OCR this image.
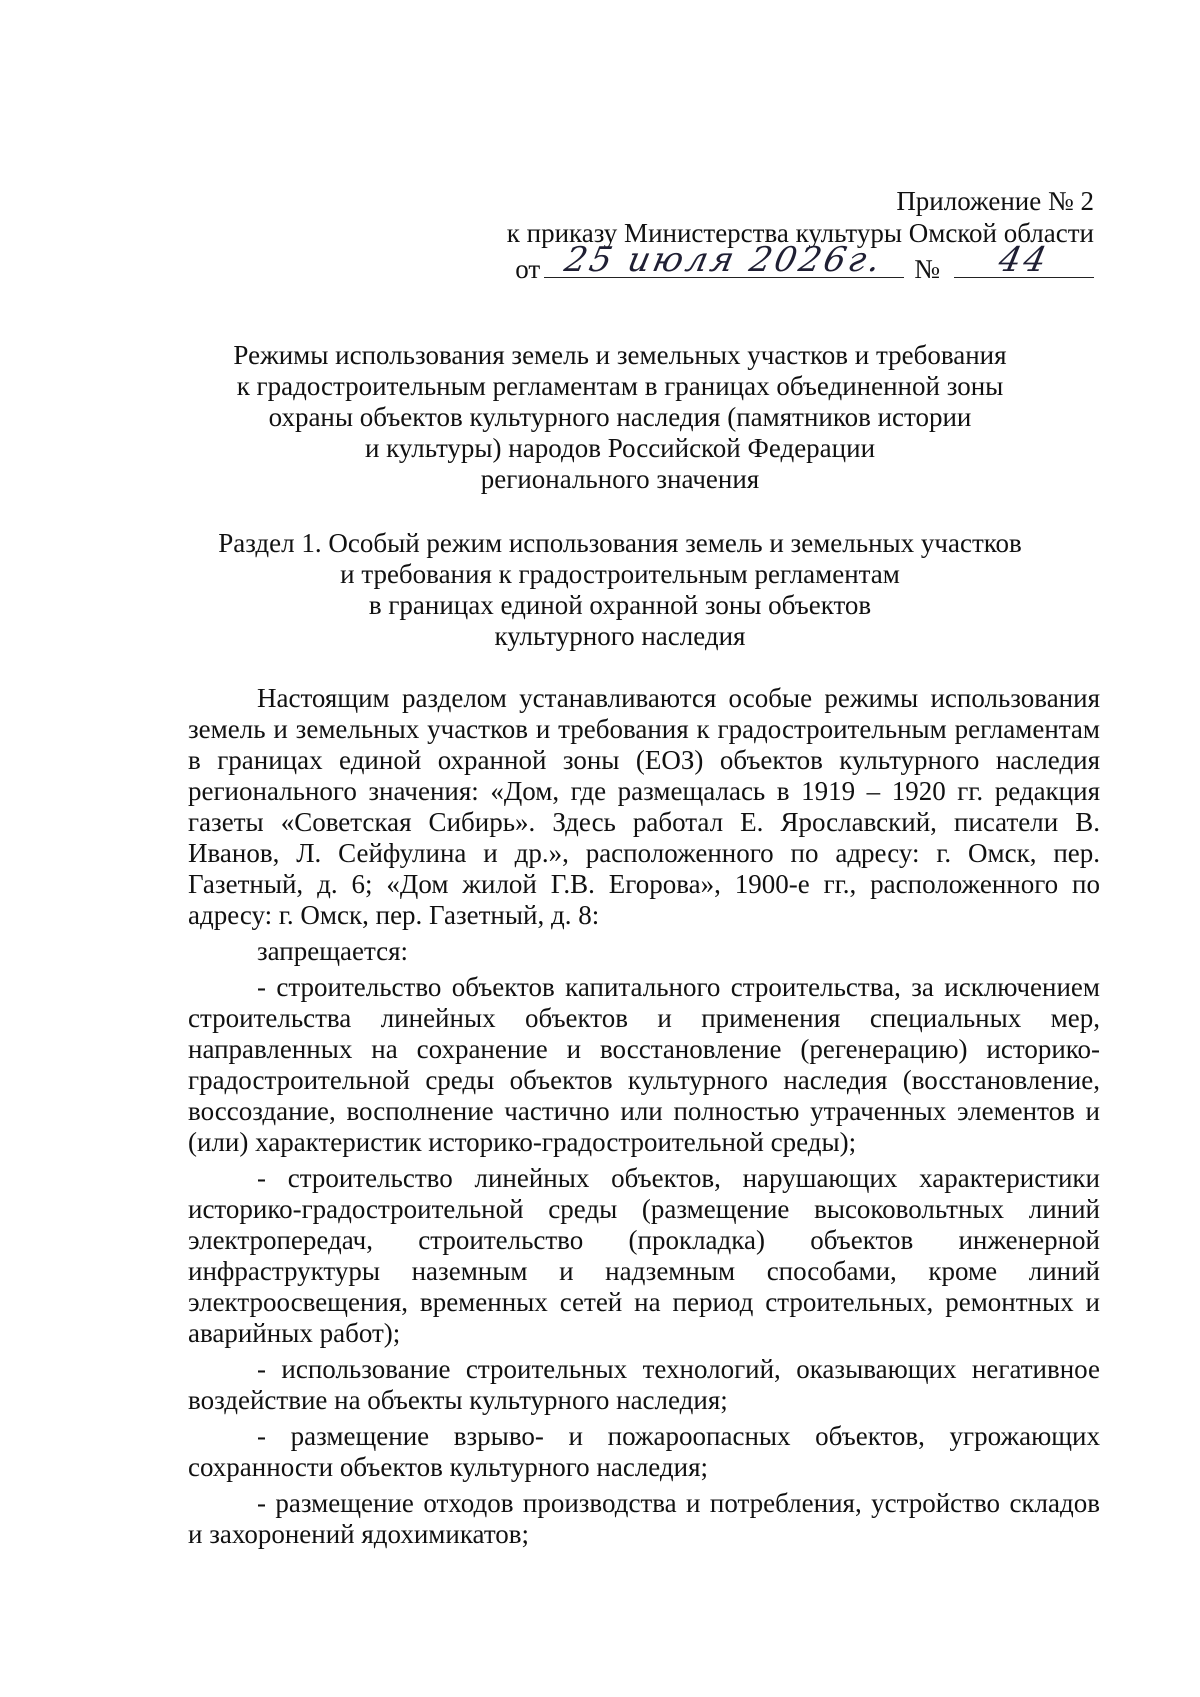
Приложение № 2
к приказу Министерства культуры Омской области
от 25 июля 2026г.	№	44
Режимы использования земель и земельных участков и требования
к градостроительным регламентам в границах объединенной зоны
охраны объектов культурного наследия (памятников истории
и культуры) народов Российской Федерации
регионального значения
Раздел 1. Особый режим использования земель и земельных участков
и требования к градостроительным регламентам
в границах единой охранной зоны объектов
культурного наследия

Настоящим разделом устанавливаются особые режимы использования земель и земельных участков и требования к градостроительным регламентам в границах единой охранной зоны (ЕОЗ) объектов культурного наследия регионального значения: «Дом, где размещалась в 1919 – 1920 гг. редакция газеты «Советская Сибирь». Здесь работал Е. Ярославский, писатели В. Иванов, Л. Сейфулина и др.», расположенного по адресу: г. Омск, пер. Газетный, д. 6; «Дом жилой Г.В. Егорова», 1900-е гг., расположенного по адресу: г. Омск, пер. Газетный, д. 8:

запрещается:

- строительство объектов капитального строительства, за исключением строительства линейных объектов и применения специальных мер, направленных на сохранение и восстановление (регенерацию) историко-градостроительной среды объектов культурного наследия (восстановление, воссоздание, восполнение частично или полностью утраченных элементов и (или) характеристик историко-градостроительной среды);

- строительство линейных объектов, нарушающих характеристики историко-градостроительной среды (размещение высоковольтных линий электропередач, строительство (прокладка) объектов инженерной инфраструктуры наземным и надземным способами, кроме линий электроосвещения, временных сетей на период строительных, ремонтных и аварийных работ);

- использование строительных технологий, оказывающих негативное воздействие на объекты культурного наследия;

- размещение взрыво- и пожароопасных объектов, угрожающих сохранности объектов культурного наследия;

- размещение отходов производства и потребления, устройство складов и захоронений ядохимикатов;
